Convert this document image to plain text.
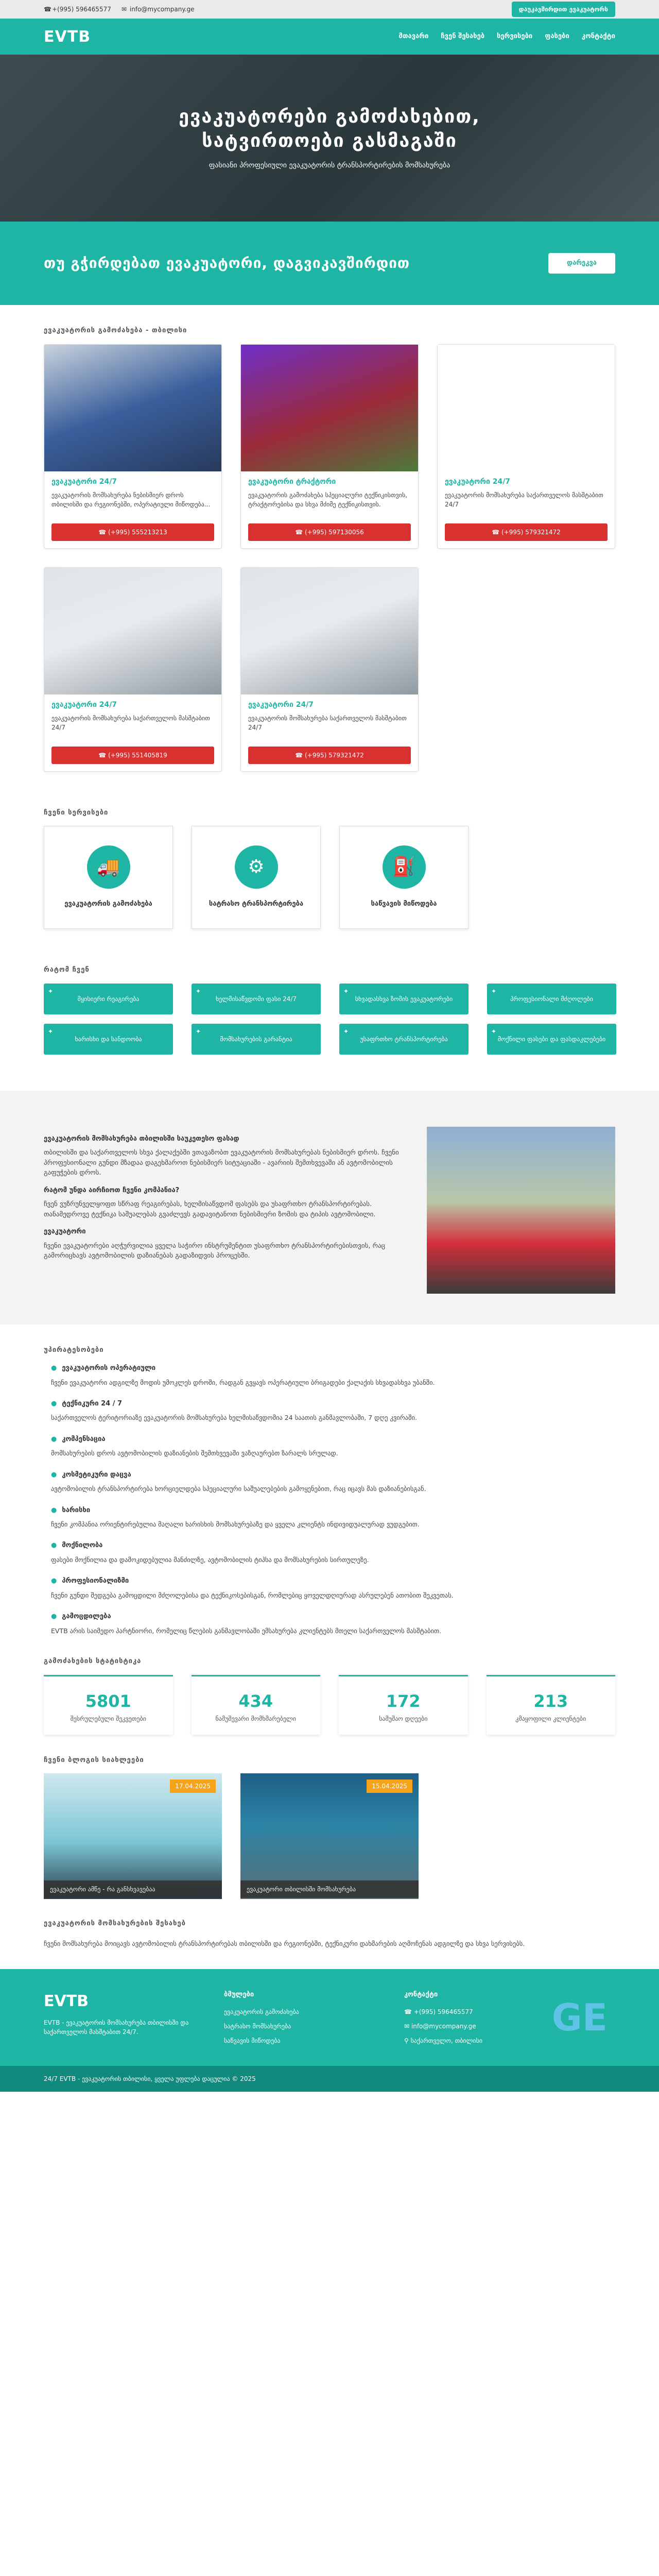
☎+(995) 596465577 ✉ info@mycompany.ge	დაუკავშირდით ევაკუატორს
EVTB	მთავარი ჩვენ შესახებ სერვისები ფასები კონტაქტი
ევაკუატორები გამოძახებით, სატვირთოები გასმაგაში

ფასიანი პროფესიული ევაკუატორის ტრანსპორტირების მომსახურება

თუ გჭირდებათ ევაკუატორი, დაგვიკავშირდით	დარეკვა
ევაკუატორის გამოძახება - თბილისი
ევაკუატორი 24/7

ევაკუატორის მომსახურება ნებისმიერ დროს თბილისში და რეგიონებში, ოპერატიული მიწოდება...

☎ (+995) 555213213
ევაკუატორი ტრაქტორი

ევაკუატორის გამოძახება სპეციალური ტექნიკისთვის, ტრაქტორებისა და სხვა მძიმე ტექნიკისთვის.

☎ (+995) 597130056
ევაკუატორი 24/7

ევაკუატორის მომსახურება საქართველოს მასშტაბით 24/7

☎ (+995) 579321472
ევაკუატორი 24/7

ევაკუატორის მომსახურება საქართველოს მასშტაბით 24/7

☎ (+995) 551405819
ევაკუატორი 24/7

ევაკუატორის მომსახურება საქართველოს მასშტაბით 24/7

☎ (+995) 579321472
ჩვენი სერვისები
🚚
ევაკუატორის გამოძახება
⚙
სატრასო ტრანსპორტირება
⛽
საწვავის მიწოდება
რატომ ჩვენ
✦
მყისიერი რეაგირება
✦
ხელმისაწვდომი ფასი 24/7
✦
სხვადასხვა ზომის ევაკუატორები
✦
პროფესიონალი მძღოლები
✦
ხარისხი და სანდოობა
✦
მომსახურების გარანტია
✦
უსაფრთხო ტრანსპორტირება
✦
მოქნილი ფასები და ფასდაკლებები
ევაკუატორის მომსახურება თბილისში საუკეთესო ფასად

თბილისში და საქართველოს სხვა ქალაქებში ვთავაზობთ ევაკუატორის მომსახურებას ნებისმიერ დროს. ჩვენი პროფესიონალი გუნდი მზადაა დაგეხმაროთ ნებისმიერ სიტუაციაში - ავარიის შემთხვევაში ან ავტომობილის გაფუჭების დროს.

რატომ უნდა აირჩიოთ ჩვენი კომპანია?

ჩვენ ვუზრუნველყოფთ სწრაფ რეაგირებას, ხელმისაწვდომ ფასებს და უსაფრთხო ტრანსპორტირებას. თანამედროვე ტექნიკა საშუალებას გვაძლევს გადავიტანოთ ნებისმიერი ზომის და ტიპის ავტომობილი.

ევაკუატორი

ჩვენი ევაკუატორები აღჭურვილია ყველა საჭირო ინსტრუმენტით უსაფრთხო ტრანსპორტირებისთვის, რაც გამორიცხავს ავტომობილის დაზიანებას გადაზიდვის პროცესში.

უპირატესობები
● ევაკუატორის ოპერატიული

ჩვენი ევაკუატორი ადგილზე მოდის უმოკლეს დროში, რადგან გვყავს ოპერატიული ბრიგადები ქალაქის სხვადასხვა უბანში.

● ტექნიკური 24 / 7

საქართველოს ტერიტორიაზე ევაკუატორის მომსახურება ხელმისაწვდომია 24 საათის განმავლობაში, 7 დღე კვირაში.

● კომპენსაცია

მომსახურების დროს ავტომობილის დაზიანების შემთხვევაში ვაზღაურებთ ზარალს სრულად.

● კოსმეტიკური დაცვა

ავტომობილის ტრანსპორტირება ხორციელდება სპეციალური საშუალებების გამოყენებით, რაც იცავს მას დაზიანებისგან.

● ხარისხი

ჩვენი კომპანია ორიენტირებულია მაღალი ხარისხის მომსახურებაზე და ყველა კლიენტს ინდივიდუალურად ვუდგებით.

● მოქნილობა

ფასები მოქნილია და დამოკიდებულია მანძილზე, ავტომობილის ტიპსა და მომსახურების სირთულეზე.

● პროფესიონალიზმი

ჩვენი გუნდი შედგება გამოცდილი მძღოლებისა და ტექნიკოსებისგან, რომლებიც ყოველდღიურად ასრულებენ ათობით შეკვეთას.

● გამოცდილება

EVTB არის საიმედო პარტნიორი, რომელიც წლების განმავლობაში ემსახურება კლიენტებს მთელი საქართველოს მასშტაბით.

გამოძახების სტატისტიკა
5801
შესრულებული შეკვეთები
434
ნამუშევარი მომხმარებელი
172
სამუშაო დღეები
213
კმაყოფილი კლიენტები
ჩვენი ბლოგის სიახლეები
17.04.2025
ევაკუატორი ამწე - რა განსხვავებაა
15.04.2025
ევაკუატორი თბილისში მომსახურება
ევაკუატორის მომსახურების შესახებ

ჩვენი მომსახურება მოიცავს ავტომობილის ტრანსპორტირებას თბილისში და რეგიონებში, ტექნიკური დახმარების აღმოჩენას ადგილზე და სხვა სერვისებს.

EVTB

EVTB - ევაკუატორის მომსახურება თბილისში და საქართველოს მასშტაბით 24/7.

ბმულები
ევაკუატორის გამოძახება
სატრასო მომსახურება
საწვავის მიწოდება
კონტაქტი
☎ +(995) 596465577
✉ info@mycompany.ge
⚲ საქართველო, თბილისი
GE
24/7 EVTB - ევაკუატორის თბილისი, ყველა უფლება დაცულია © 2025
